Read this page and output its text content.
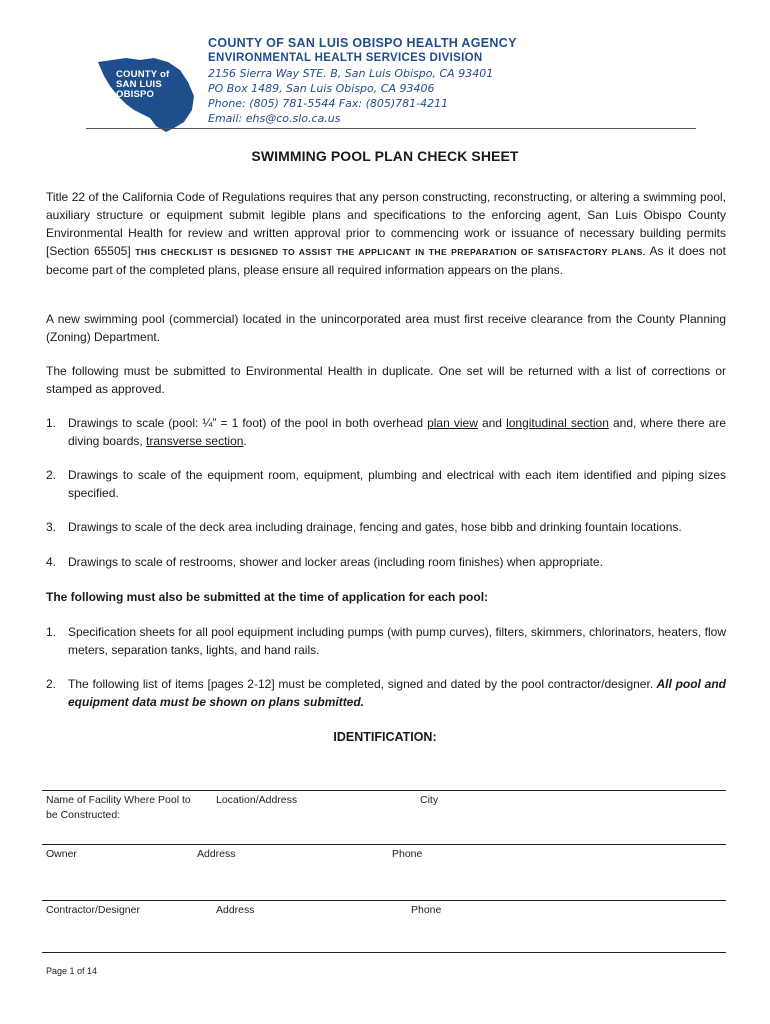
COUNTY of SAN LUIS OBISPO
COUNTY OF SAN LUIS OBISPO HEALTH AGENCY
ENVIRONMENTAL HEALTH SERVICES DIVISION
2156 Sierra Way STE. B, San Luis Obispo, CA 93401
PO Box 1489, San Luis Obispo, CA 93406
Phone: (805) 781-5544 Fax: (805)781-4211
Email: ehs@co.slo.ca.us
SWIMMING POOL PLAN CHECK SHEET
Title 22 of the California Code of Regulations requires that any person constructing, reconstructing, or altering a swimming pool, auxiliary structure or equipment submit legible plans and specifications to the enforcing agent, San Luis Obispo County Environmental Health for review and written approval prior to commencing work or issuance of necessary building permits [Section 65505] THIS CHECKLIST IS DESIGNED TO ASSIST THE APPLICANT IN THE PREPARATION OF SATISFACTORY PLANS. As it does not become part of the completed plans, please ensure all required information appears on the plans.
A new swimming pool (commercial) located in the unincorporated area must first receive clearance from the County Planning (Zoning) Department.
The following must be submitted to Environmental Health in duplicate. One set will be returned with a list of corrections or stamped as approved.
1. Drawings to scale (pool: ¼” = 1 foot) of the pool in both overhead plan view and longitudinal section and, where there are diving boards, transverse section.
2. Drawings to scale of the equipment room, equipment, plumbing and electrical with each item identified and piping sizes specified.
3. Drawings to scale of the deck area including drainage, fencing and gates, hose bibb and drinking fountain locations.
4. Drawings to scale of restrooms, shower and locker areas (including room finishes) when appropriate.
The following must also be submitted at the time of application for each pool:
1. Specification sheets for all pool equipment including pumps (with pump curves), filters, skimmers, chlorinators, heaters, flow meters, separation tanks, lights, and hand rails.
2. The following list of items [pages 2-12] must be completed, signed and dated by the pool contractor/designer. All pool and equipment data must be shown on plans submitted.
IDENTIFICATION:
Name of Facility Where Pool to be Constructed:
Location/Address	City
Owner	Address	Phone
Contractor/Designer	Address	Phone
Page 1 of 14
